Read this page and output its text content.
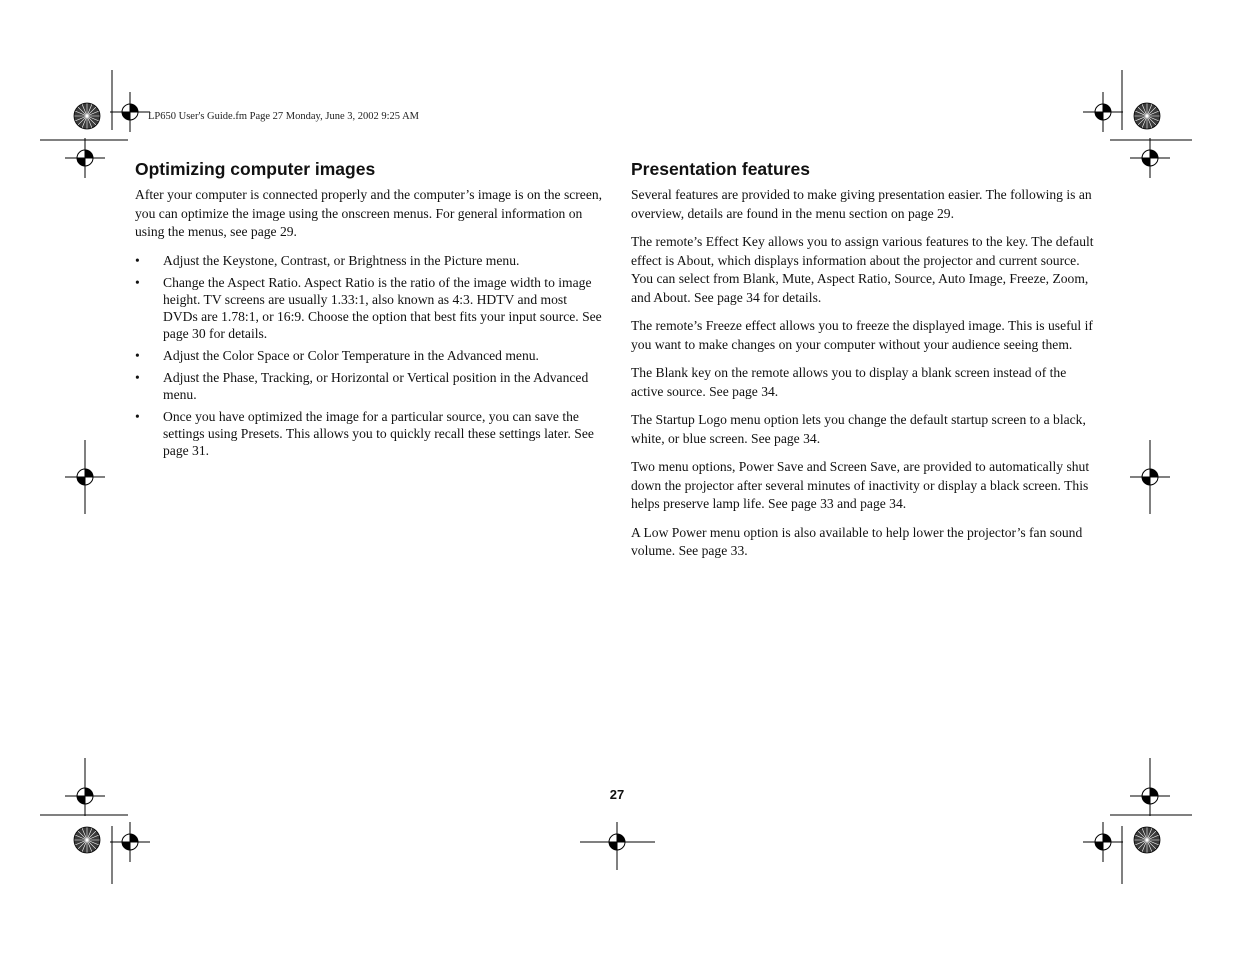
LP650 User's Guide.fm Page 27 Monday, June 3, 2002 9:25 AM
Optimizing computer images

After your computer is connected properly and the computer’s image is on the screen, you can optimize the image using the onscreen menus. For general information on using the menus, see page 29.

• Adjust the Keystone, Contrast, or Brightness in the Picture menu.
• Change the Aspect Ratio. Aspect Ratio is the ratio of the image width to image height. TV screens are usually 1.33:1, also known as 4:3. HDTV and most DVDs are 1.78:1, or 16:9. Choose the option that best fits your input source. See page 30 for details.
• Adjust the Color Space or Color Temperature in the Advanced menu.
• Adjust the Phase, Tracking, or Horizontal or Vertical position in the Advanced menu.
• Once you have optimized the image for a particular source, you can save the settings using Presets. This allows you to quickly recall these settings later. See page 31.
Presentation features

Several features are provided to make giving presentation easier. The following is an overview, details are found in the menu section on page 29.

The remote’s Effect Key allows you to assign various features to the key. The default effect is About, which displays information about the projector and current source. You can select from Blank, Mute, Aspect Ratio, Source, Auto Image, Freeze, Zoom, and About. See page 34 for details.

The remote’s Freeze effect allows you to freeze the displayed image. This is useful if you want to make changes on your computer without your audience seeing them.

The Blank key on the remote allows you to display a blank screen instead of the active source. See page 34.

The Startup Logo menu option lets you change the default startup screen to a black, white, or blue screen. See page 34.

Two menu options, Power Save and Screen Save, are provided to automatically shut down the projector after several minutes of inactivity or display a black screen. This helps preserve lamp life. See page 33 and page 34.

A Low Power menu option is also available to help lower the projector’s fan sound volume. See page 33.

27
